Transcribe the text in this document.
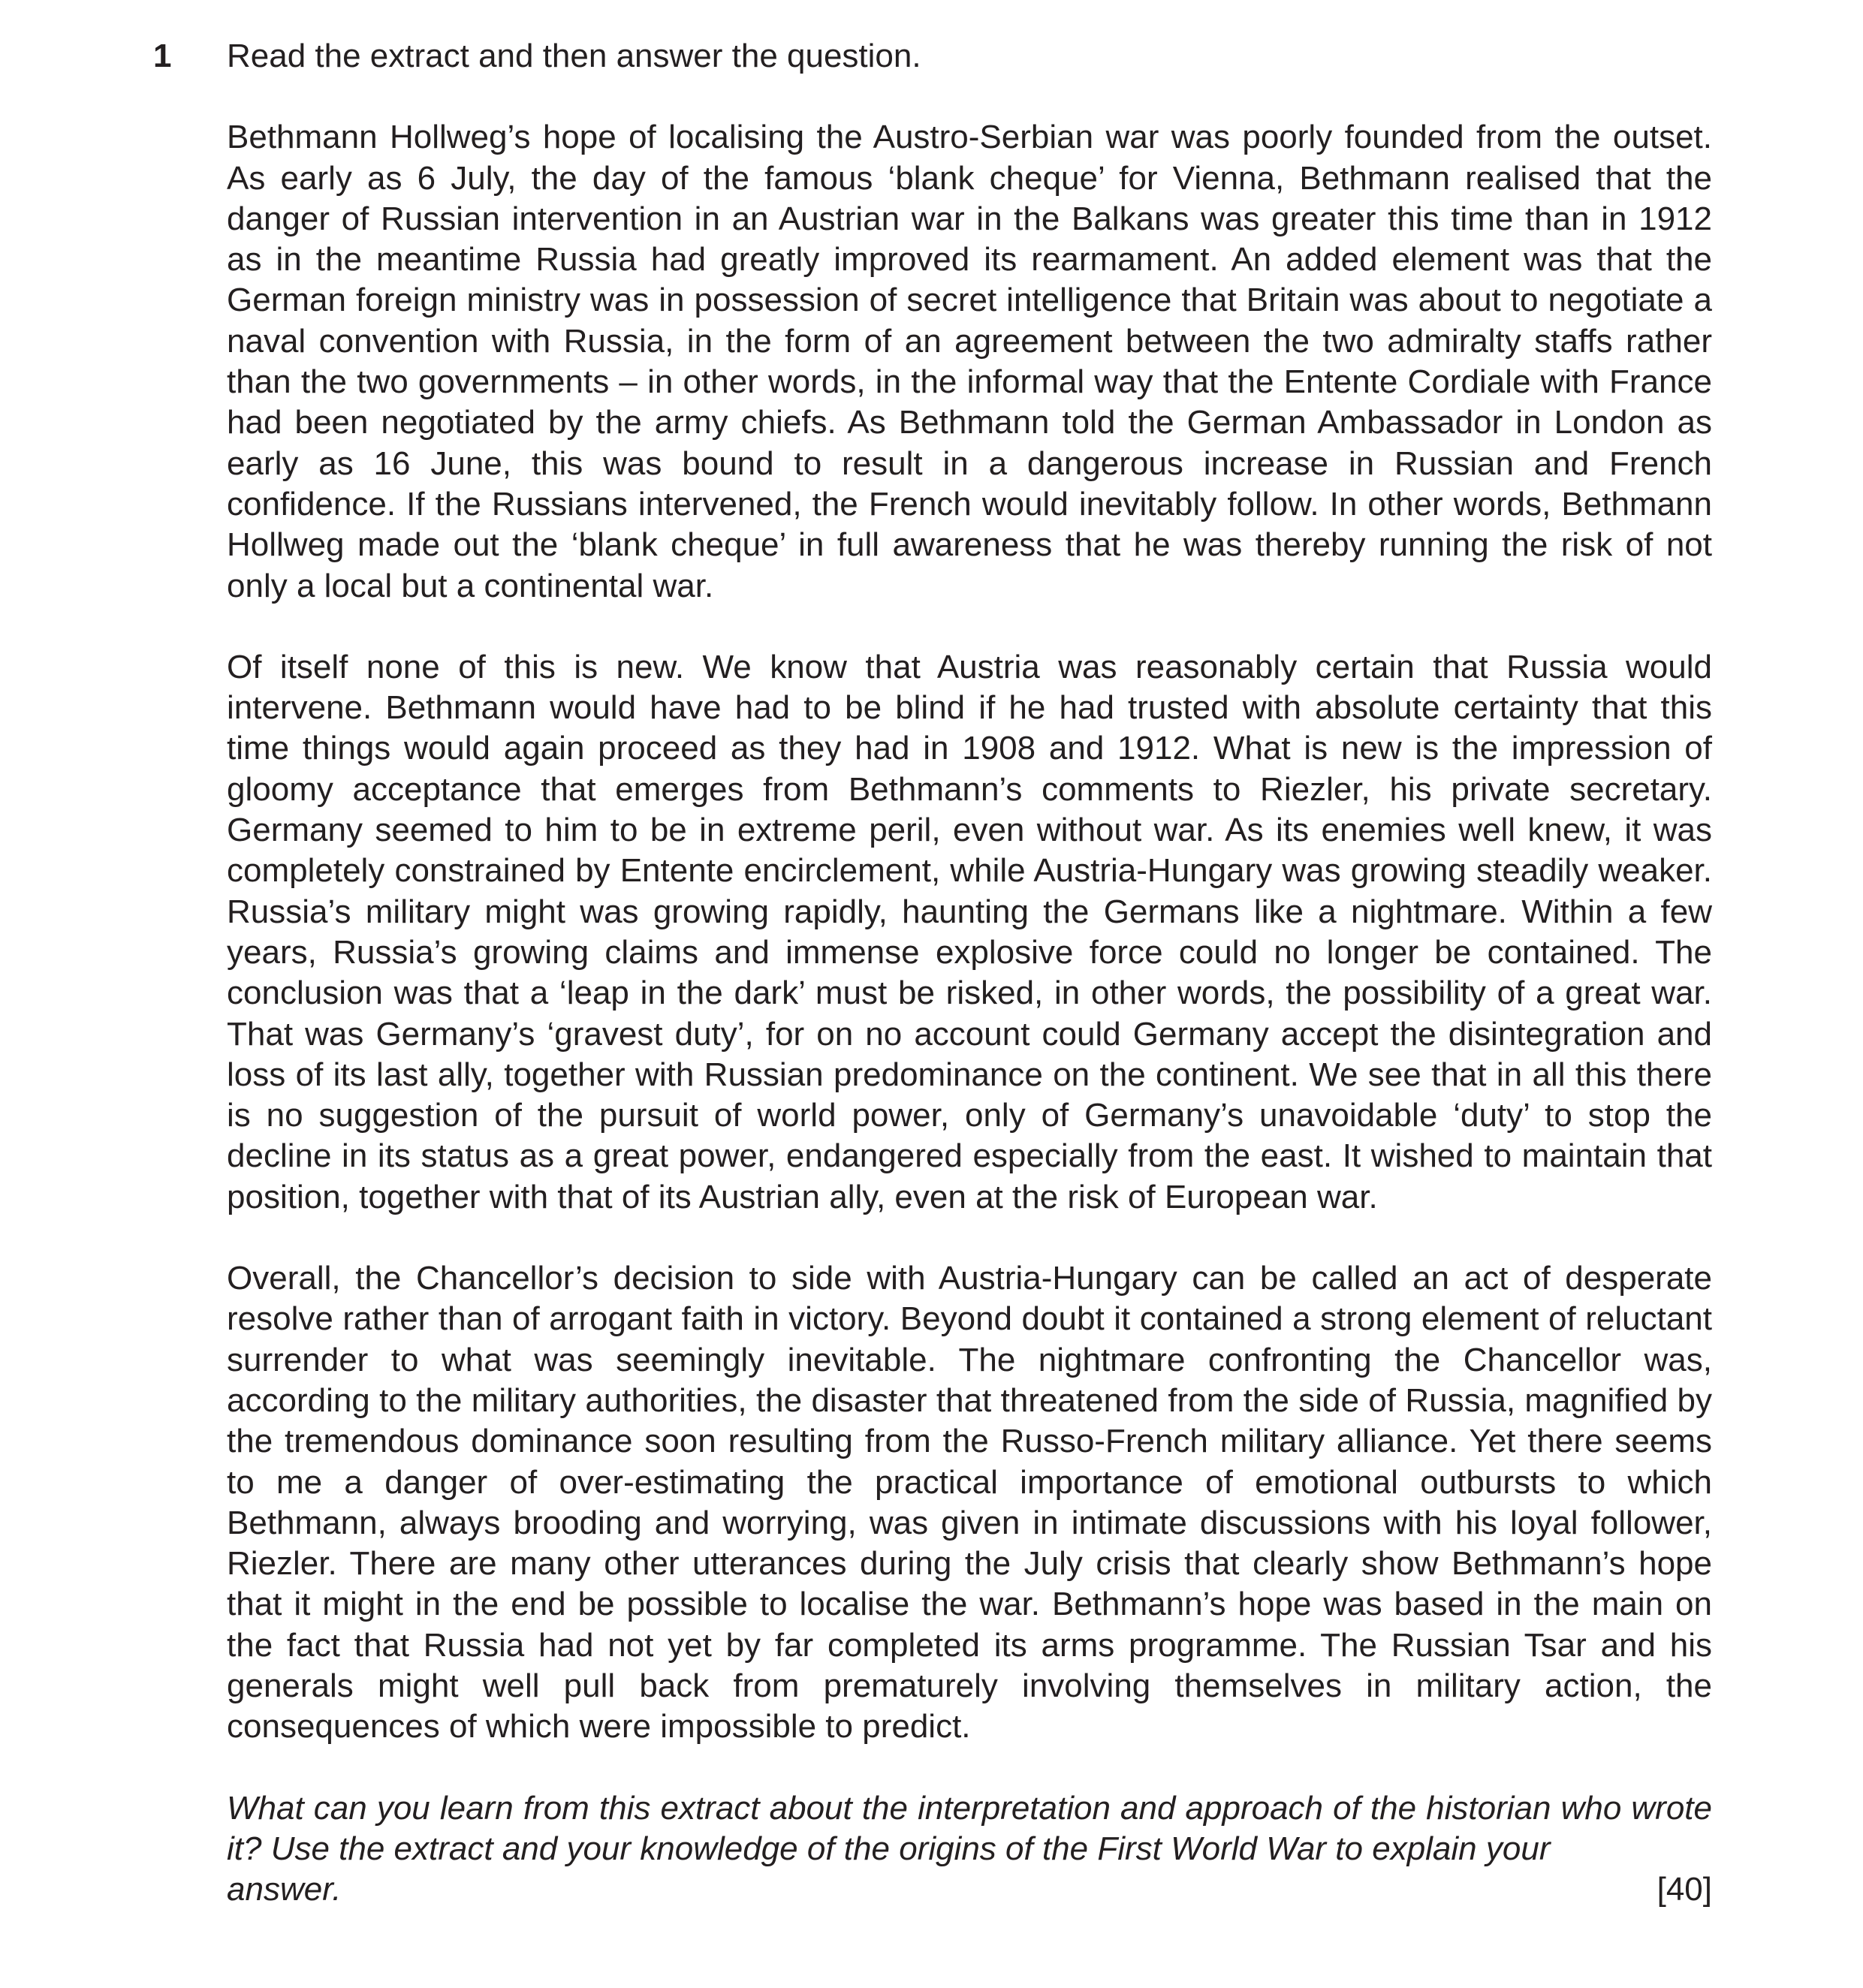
1 Read the extract and then answer the question.

Bethmann Hollweg’s hope of localising the Austro-Serbian war was poorly founded from the outset. As early as 6 July, the day of the famous ‘blank cheque’ for Vienna, Bethmann realised that the danger of Russian intervention in an Austrian war in the Balkans was greater this time than in 1912 as in the meantime Russia had greatly improved its rearmament. An added element was that the German foreign ministry was in possession of secret intelligence that Britain was about to negotiate a naval convention with Russia, in the form of an agreement between the two admiralty staffs rather than the two governments – in other words, in the informal way that the Entente Cordiale with France had been negotiated by the army chiefs. As Bethmann told the German Ambassador in London as early as 16 June, this was bound to result in a dangerous increase in Russian and French confidence. If the Russians intervened, the French would inevitably follow. In other words, Bethmann Hollweg made out the ‘blank cheque’ in full awareness that he was thereby running the risk of not only a local but a continental war.

Of itself none of this is new. We know that Austria was reasonably certain that Russia would intervene. Bethmann would have had to be blind if he had trusted with absolute certainty that this time things would again proceed as they had in 1908 and 1912. What is new is the impression of gloomy acceptance that emerges from Bethmann’s comments to Riezler, his private secretary. Germany seemed to him to be in extreme peril, even without war. As its enemies well knew, it was completely constrained by Entente encirclement, while Austria-Hungary was growing steadily weaker. Russia’s military might was growing rapidly, haunting the Germans like a nightmare. Within a few years, Russia’s growing claims and immense explosive force could no longer be contained. The conclusion was that a ‘leap in the dark’ must be risked, in other words, the possibility of a great war. That was Germany’s ‘gravest duty’, for on no account could Germany accept the disintegration and loss of its last ally, together with Russian predominance on the continent. We see that in all this there is no suggestion of the pursuit of world power, only of Germany’s unavoidable ‘duty’ to stop the decline in its status as a great power, endangered especially from the east. It wished to maintain that position, together with that of its Austrian ally, even at the risk of European war.

Overall, the Chancellor’s decision to side with Austria-Hungary can be called an act of desperate resolve rather than of arrogant faith in victory. Beyond doubt it contained a strong element of reluctant surrender to what was seemingly inevitable. The nightmare confronting the Chancellor was, according to the military authorities, the disaster that threatened from the side of Russia, magnified by the tremendous dominance soon resulting from the Russo-French military alliance. Yet there seems to me a danger of over-estimating the practical importance of emotional outbursts to which Bethmann, always brooding and worrying, was given in intimate discussions with his loyal follower, Riezler. There are many other utterances during the July crisis that clearly show Bethmann’s hope that it might in the end be possible to localise the war. Bethmann’s hope was based in the main on the fact that Russia had not yet by far completed its arms programme. The Russian Tsar and his generals might well pull back from prematurely involving themselves in military action, the consequences of which were impossible to predict.

What can you learn from this extract about the interpretation and approach of the historian who wrote it? Use the extract and your knowledge of the origins of the First World War to explain your

answer.	[40]
